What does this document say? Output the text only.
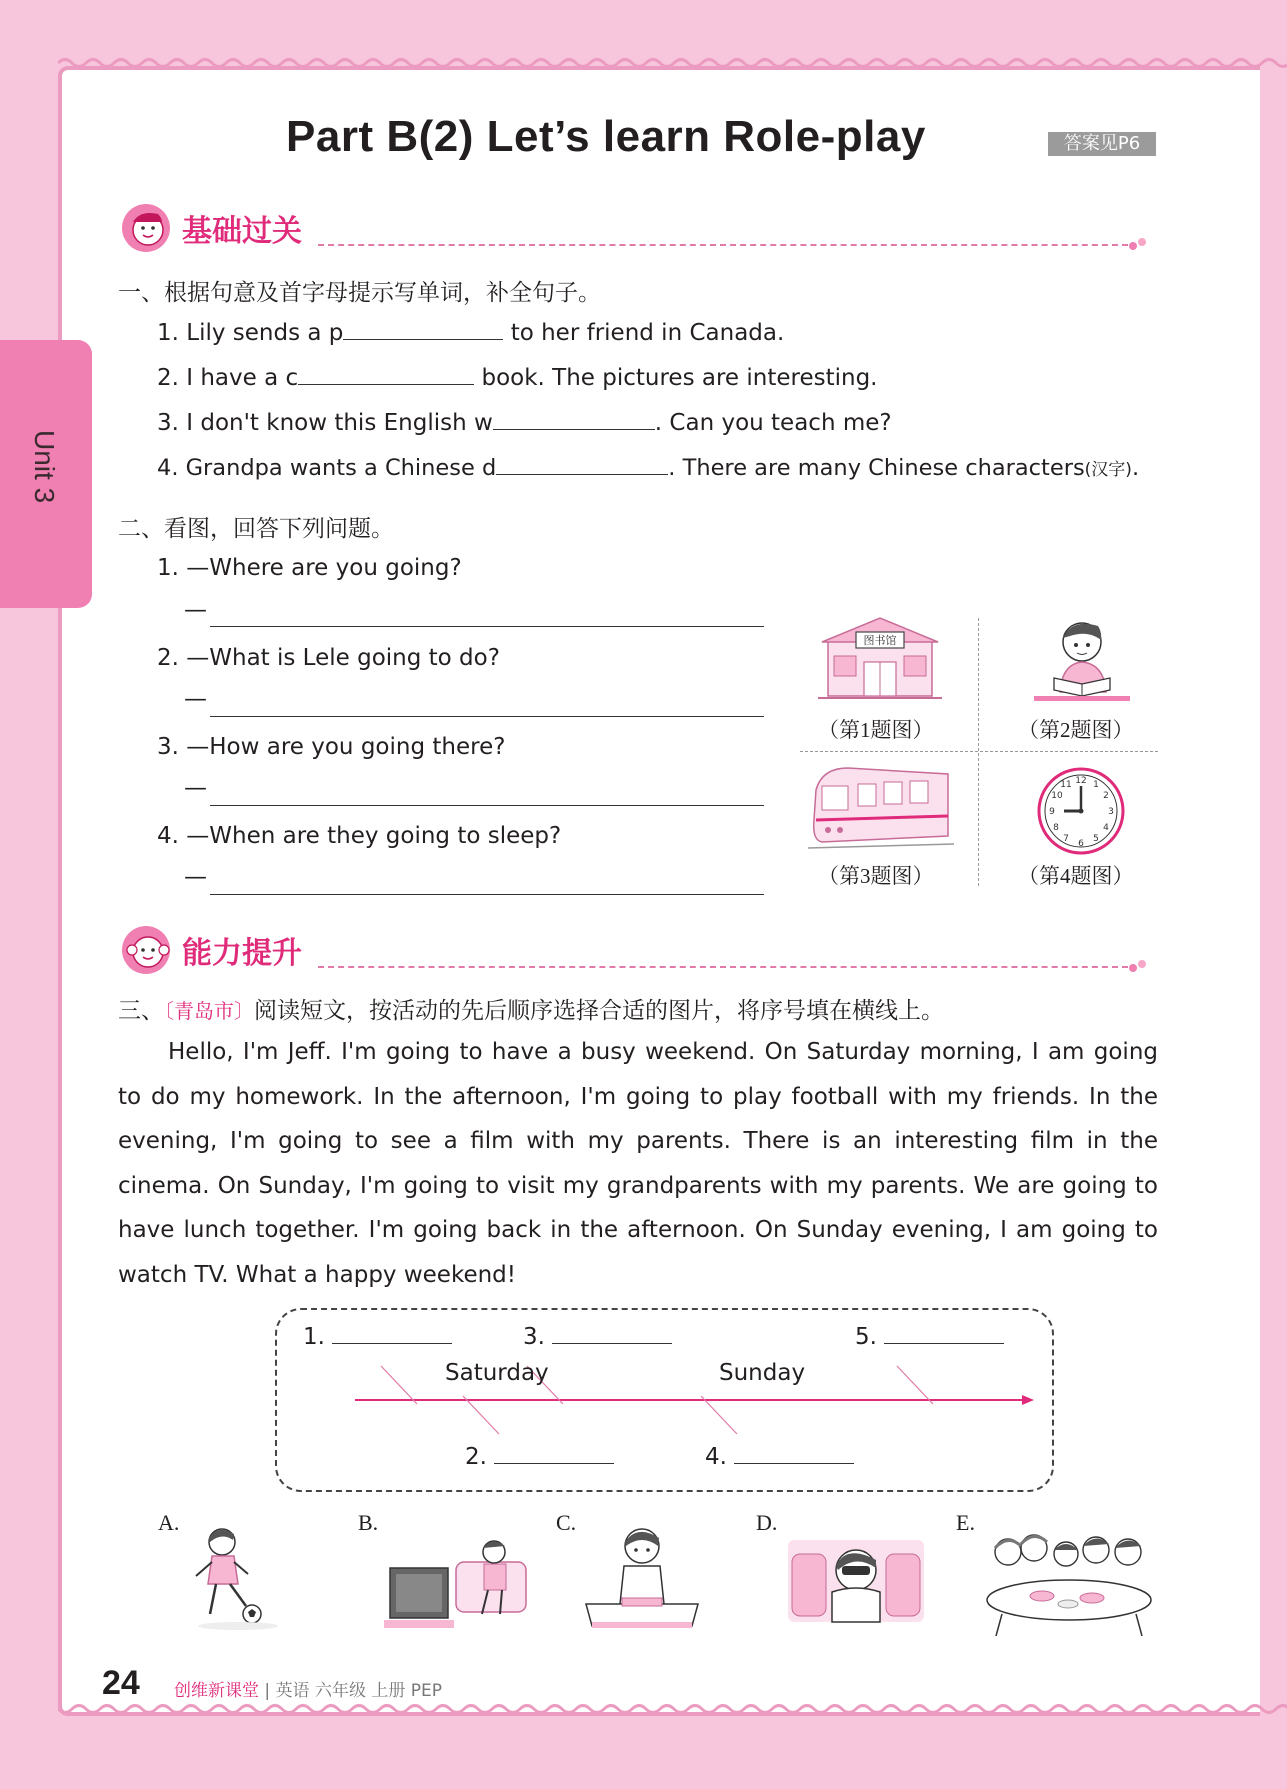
Unit 3
Part B(2) Let’s learn Role-play	答案见P6
基础过关
一、根据句意及首字母提示写单词，补全句子。
1. Lily sends a p	to her friend in Canada.
2. I have a c	book. The pictures are interesting.
3. I don't know this English w	. Can you teach me?
4. Grandpa wants a Chinese d	. There are many Chinese characters(汉字).
二、看图，回答下列问题。
1. —Where are you going?
—
2. —What is Lele going to do?
—
3. —How are you going there?
—
4. —When are they going to sleep?
—
图书馆
（第1题图）	（第2题图）
（第3题图）
12 1
2
3
4
5
6
7
8
9
10
11
（第4题图）
能力提升
三、〔青岛市〕阅读短文，按活动的先后顺序选择合适的图片，将序号填在横线上。

Hello, I'm Jeff. I'm going to have a busy weekend. On Saturday morning, I am going to do my homework. In the afternoon, I'm going to play football with my friends. In the evening, I'm going to see a film with my parents. There is an interesting film in the cinema. On Sunday, I'm going to visit my grandparents with my parents. We are going to have lunch together. I'm going back in the afternoon. On Sunday evening, I am going to watch TV. What a happy weekend!

1.	3.	5.
Saturday	Sunday
2.	4.
A.	B.	C.	D.	E.
24 创维新课堂 | 英语 六年级 上册 PEP
